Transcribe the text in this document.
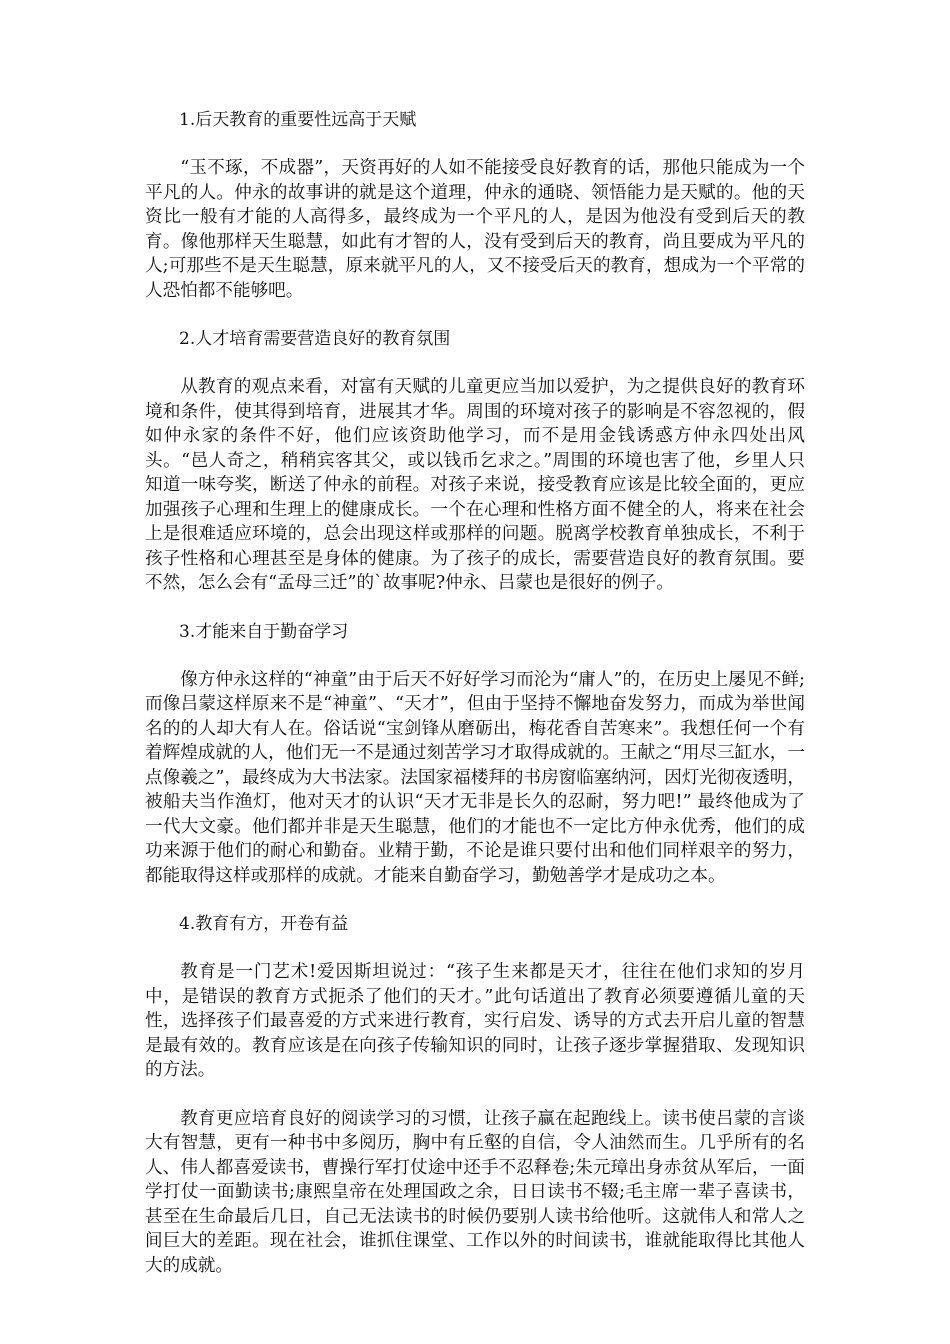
1.后天教育的重要性远高于天赋

“玉不琢，不成器”，天资再好的人如不能接受良好教育的话，那他只能成为一个平凡的人。仲永的故事讲的就是这个道理，仲永的通晓、领悟能力是天赋的。他的天资比一般有才能的人高得多，最终成为一个平凡的人，是因为他没有受到后天的教育。像他那样天生聪慧，如此有才智的人，没有受到后天的教育，尚且要成为平凡的人;可那些不是天生聪慧，原来就平凡的人，又不接受后天的教育，想成为一个平常的人恐怕都不能够吧。

2.人才培育需要营造良好的教育氛围

从教育的观点来看，对富有天赋的儿童更应当加以爱护，为之提供良好的教育环境和条件，使其得到培育，进展其才华。周围的环境对孩子的影响是不容忽视的，假如仲永家的条件不好，他们应该资助他学习，而不是用金钱诱惑方仲永四处出风头。“邑人奇之，稍稍宾客其父，或以钱币乞求之。”周围的环境也害了他，乡里人只知道一味夸奖，断送了仲永的前程。对孩子来说，接受教育应该是比较全面的，更应加强孩子心理和生理上的健康成长。一个在心理和性格方面不健全的人，将来在社会上是很难适应环境的，总会出现这样或那样的问题。脱离学校教育单独成长，不利于孩子性格和心理甚至是身体的健康。为了孩子的成长，需要营造良好的教育氛围。要不然，怎么会有“孟母三迁”的`故事呢?仲永、吕蒙也是很好的例子。

3.才能来自于勤奋学习

像方仲永这样的“神童”由于后天不好好学习而沦为“庸人”的，在历史上屡见不鲜;而像吕蒙这样原来不是“神童”、“天才”，但由于坚持不懈地奋发努力，而成为举世闻名的的人却大有人在。俗话说“宝剑锋从磨砺出，梅花香自苦寒来”。我想任何一个有着辉煌成就的人，他们无一不是通过刻苦学习才取得成就的。王献之“用尽三缸水，一点像羲之”，最终成为大书法家。法国家福楼拜的书房窗临塞纳河，因灯光彻夜透明，被船夫当作渔灯，他对天才的认识“天才无非是长久的忍耐，努力吧!” 最终他成为了一代大文豪。他们都并非是天生聪慧，他们的才能也不一定比方仲永优秀，他们的成功来源于他们的耐心和勤奋。业精于勤，不论是谁只要付出和他们同样艰辛的努力，都能取得这样或那样的成就。才能来自勤奋学习，勤勉善学才是成功之本。

4.教育有方，开卷有益

教育是一门艺术!爱因斯坦说过：“孩子生来都是天才，往往在他们求知的岁月中，是错误的教育方式扼杀了他们的天才。”此句话道出了教育必须要遵循儿童的天性，选择孩子们最喜爱的方式来进行教育，实行启发、诱导的方式去开启儿童的智慧是最有效的。教育应该是在向孩子传输知识的同时，让孩子逐步掌握猎取、发现知识的方法。

教育更应培育良好的阅读学习的习惯，让孩子赢在起跑线上。读书使吕蒙的言谈大有智慧，更有一种书中多阅历，胸中有丘壑的自信，令人油然而生。几乎所有的名人、伟人都喜爱读书，曹操行军打仗途中还手不忍释卷;朱元璋出身赤贫从军后，一面学打仗一面勤读书;康熙皇帝在处理国政之余，日日读书不辍;毛主席一辈子喜读书，甚至在生命最后几日，自己无法读书的时候仍要别人读书给他听。这就伟人和常人之间巨大的差距。现在社会，谁抓住课堂、工作以外的时间读书，谁就能取得比其他人大的成就。
